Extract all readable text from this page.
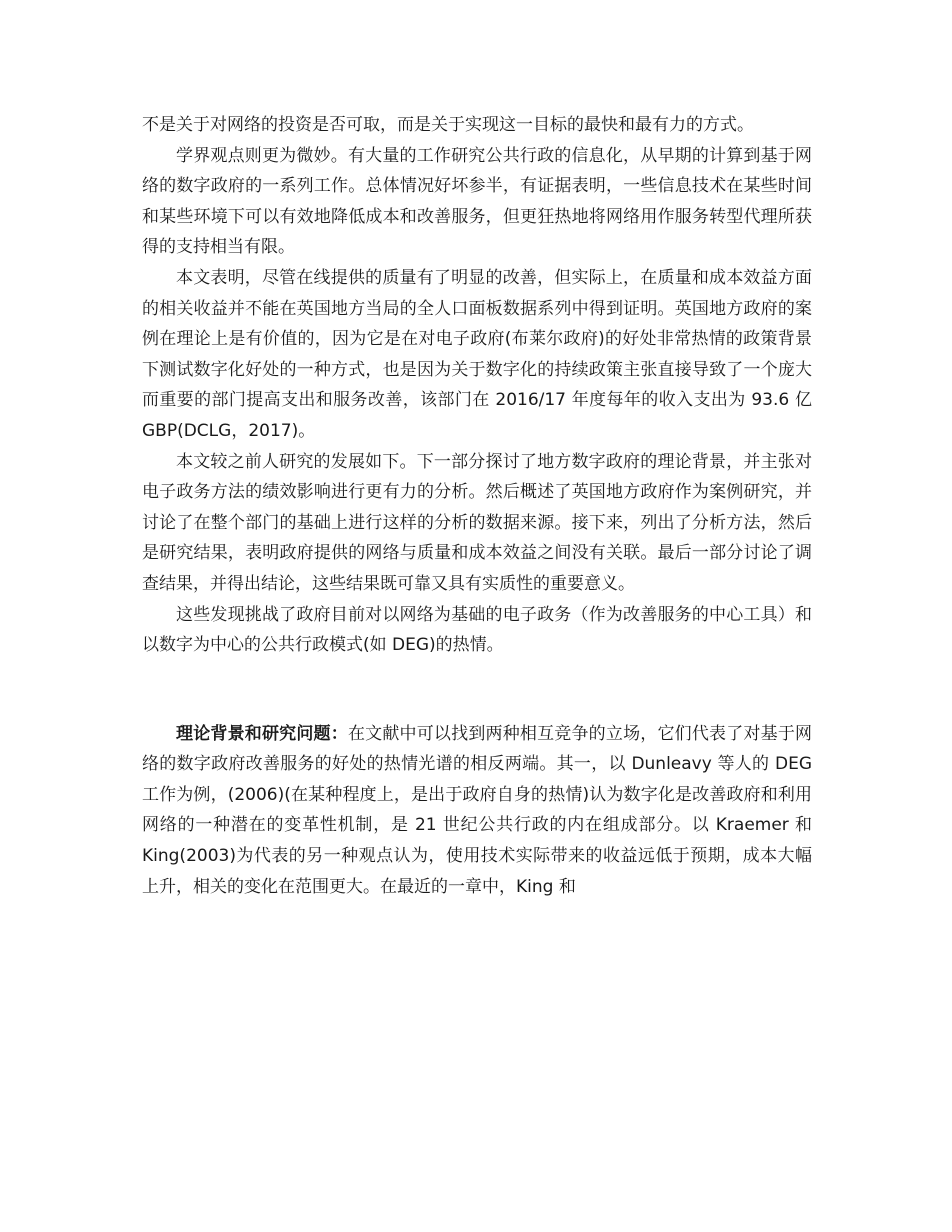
不是关于对网络的投资是否可取，而是关于实现这一目标的最快和最有力的方式。

学界观点则更为微妙。有大量的工作研究公共行政的信息化，从早期的计算到基于网络的数字政府的一系列工作。总体情况好坏参半，有证据表明，一些信息技术在某些时间和某些环境下可以有效地降低成本和改善服务，但更狂热地将网络用作服务转型代理所获得的支持相当有限。

本文表明，尽管在线提供的质量有了明显的改善，但实际上，在质量和成本效益方面的相关收益并不能在英国地方当局的全人口面板数据系列中得到证明。英国地方政府的案例在理论上是有价值的，因为它是在对电子政府(布莱尔政府)的好处非常热情的政策背景下测试数字化好处的一种方式，也是因为关于数字化的持续政策主张直接导致了一个庞大而重要的部门提高支出和服务改善，该部门在 2016/17 年度每年的收入支出为 93.6 亿 GBP(DCLG，2017)。

本文较之前人研究的发展如下。下一部分探讨了地方数字政府的理论背景，并主张对电子政务方法的绩效影响进行更有力的分析。然后概述了英国地方政府作为案例研究，并讨论了在整个部门的基础上进行这样的分析的数据来源。接下来，列出了分析方法，然后是研究结果，表明政府提供的网络与质量和成本效益之间没有关联。最后一部分讨论了调查结果，并得出结论，这些结果既可靠又具有实质性的重要意义。

这些发现挑战了政府目前对以网络为基础的电子政务（作为改善服务的中心工具）和以数字为中心的公共行政模式(如 DEG)的热情。

理论背景和研究问题：在文献中可以找到两种相互竞争的立场，它们代表了对基于网络的数字政府改善服务的好处的热情光谱的相反两端。其一，以 Dunleavy 等人的 DEG 工作为例，(2006)(在某种程度上，是出于政府自身的热情)认为数字化是改善政府和利用网络的一种潜在的变革性机制，是 21 世纪公共行政的内在组成部分。以 Kraemer 和 King(2003)为代表的另一种观点认为，使用技术实际带来的收益远低于预期，成本大幅上升，相关的变化在范围更大。在最近的一章中，King 和
